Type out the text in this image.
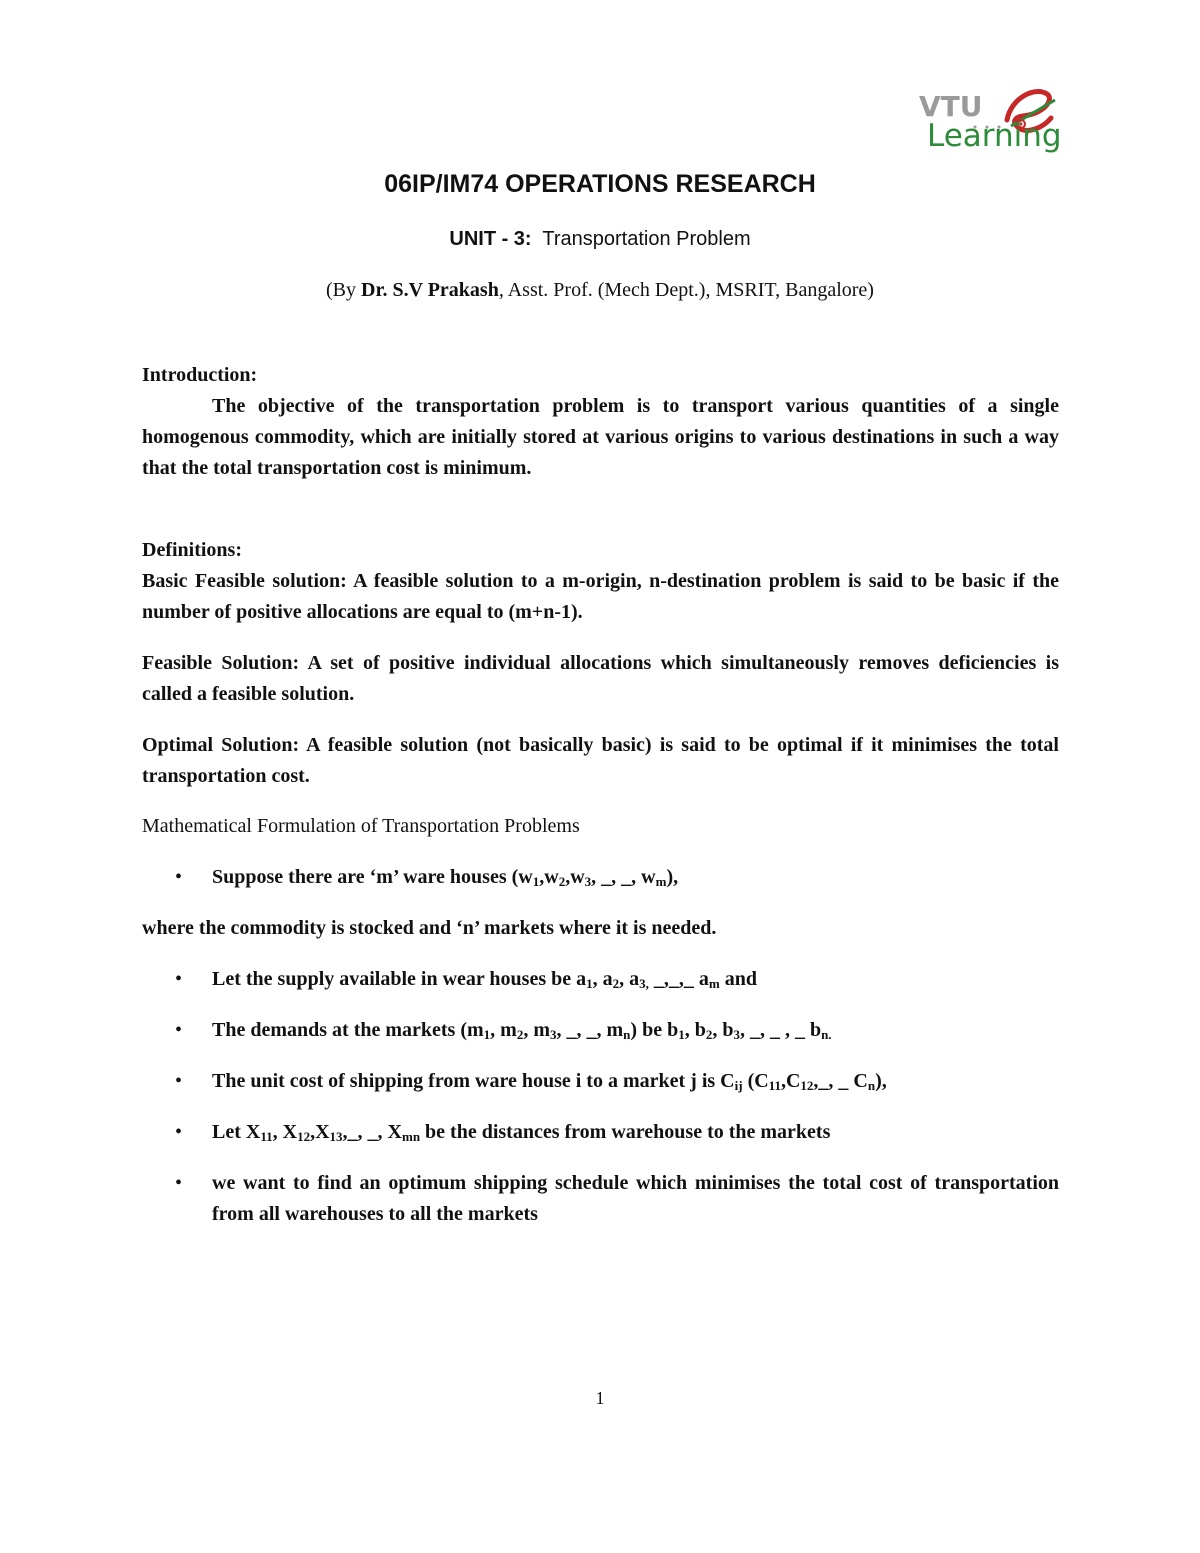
VTU
Learning
06IP/IM74 OPERATIONS RESEARCH
UNIT - 3: Transportation Problem
(By Dr. S.V Prakash, Asst. Prof. (Mech Dept.), MSRIT, Bangalore)
Introduction:
The objective of the transportation problem is to transport various quantities of a single homogenous commodity, which are initially stored at various origins to various destinations in such a way that the total transportation cost is minimum.
Definitions:
Basic Feasible solution: A feasible solution to a m-origin, n-destination problem is said to be basic if the number of positive allocations are equal to (m+n-1).
Feasible Solution: A set of positive individual allocations which simultaneously removes deficiencies is called a feasible solution.
Optimal Solution: A feasible solution (not basically basic) is said to be optimal if it minimises the total transportation cost.
Mathematical Formulation of Transportation Problems
• Suppose there are ‘m’ ware houses ($w_1,w_2,w_3$, _, _, $w_m$),
where the commodity is stocked and ‘n’ markets where it is needed.
• Let the supply available in wear houses be $a_1$, $a_2$, $a_{3,}$ _,_,_ $a_m$ and
• The demands at the markets ($m_1$, $m_2$, $m_3$, _, _, $m_n$) be $b_1$, $b_2$, $b_3$, _, _ , _ $b_{n.}$
• The unit cost of shipping from ware house i to a market j is $C_{ij}$ ($C_{11},C_{12},\_$, _ $C_n$),
• Let $X_{11}$, $X_{12},X_{13},\_$, _, $X_{mn}$ be the distances from warehouse to the markets
• we want to find an optimum shipping schedule which minimises the total cost of transportation from all warehouses to all the markets
1
